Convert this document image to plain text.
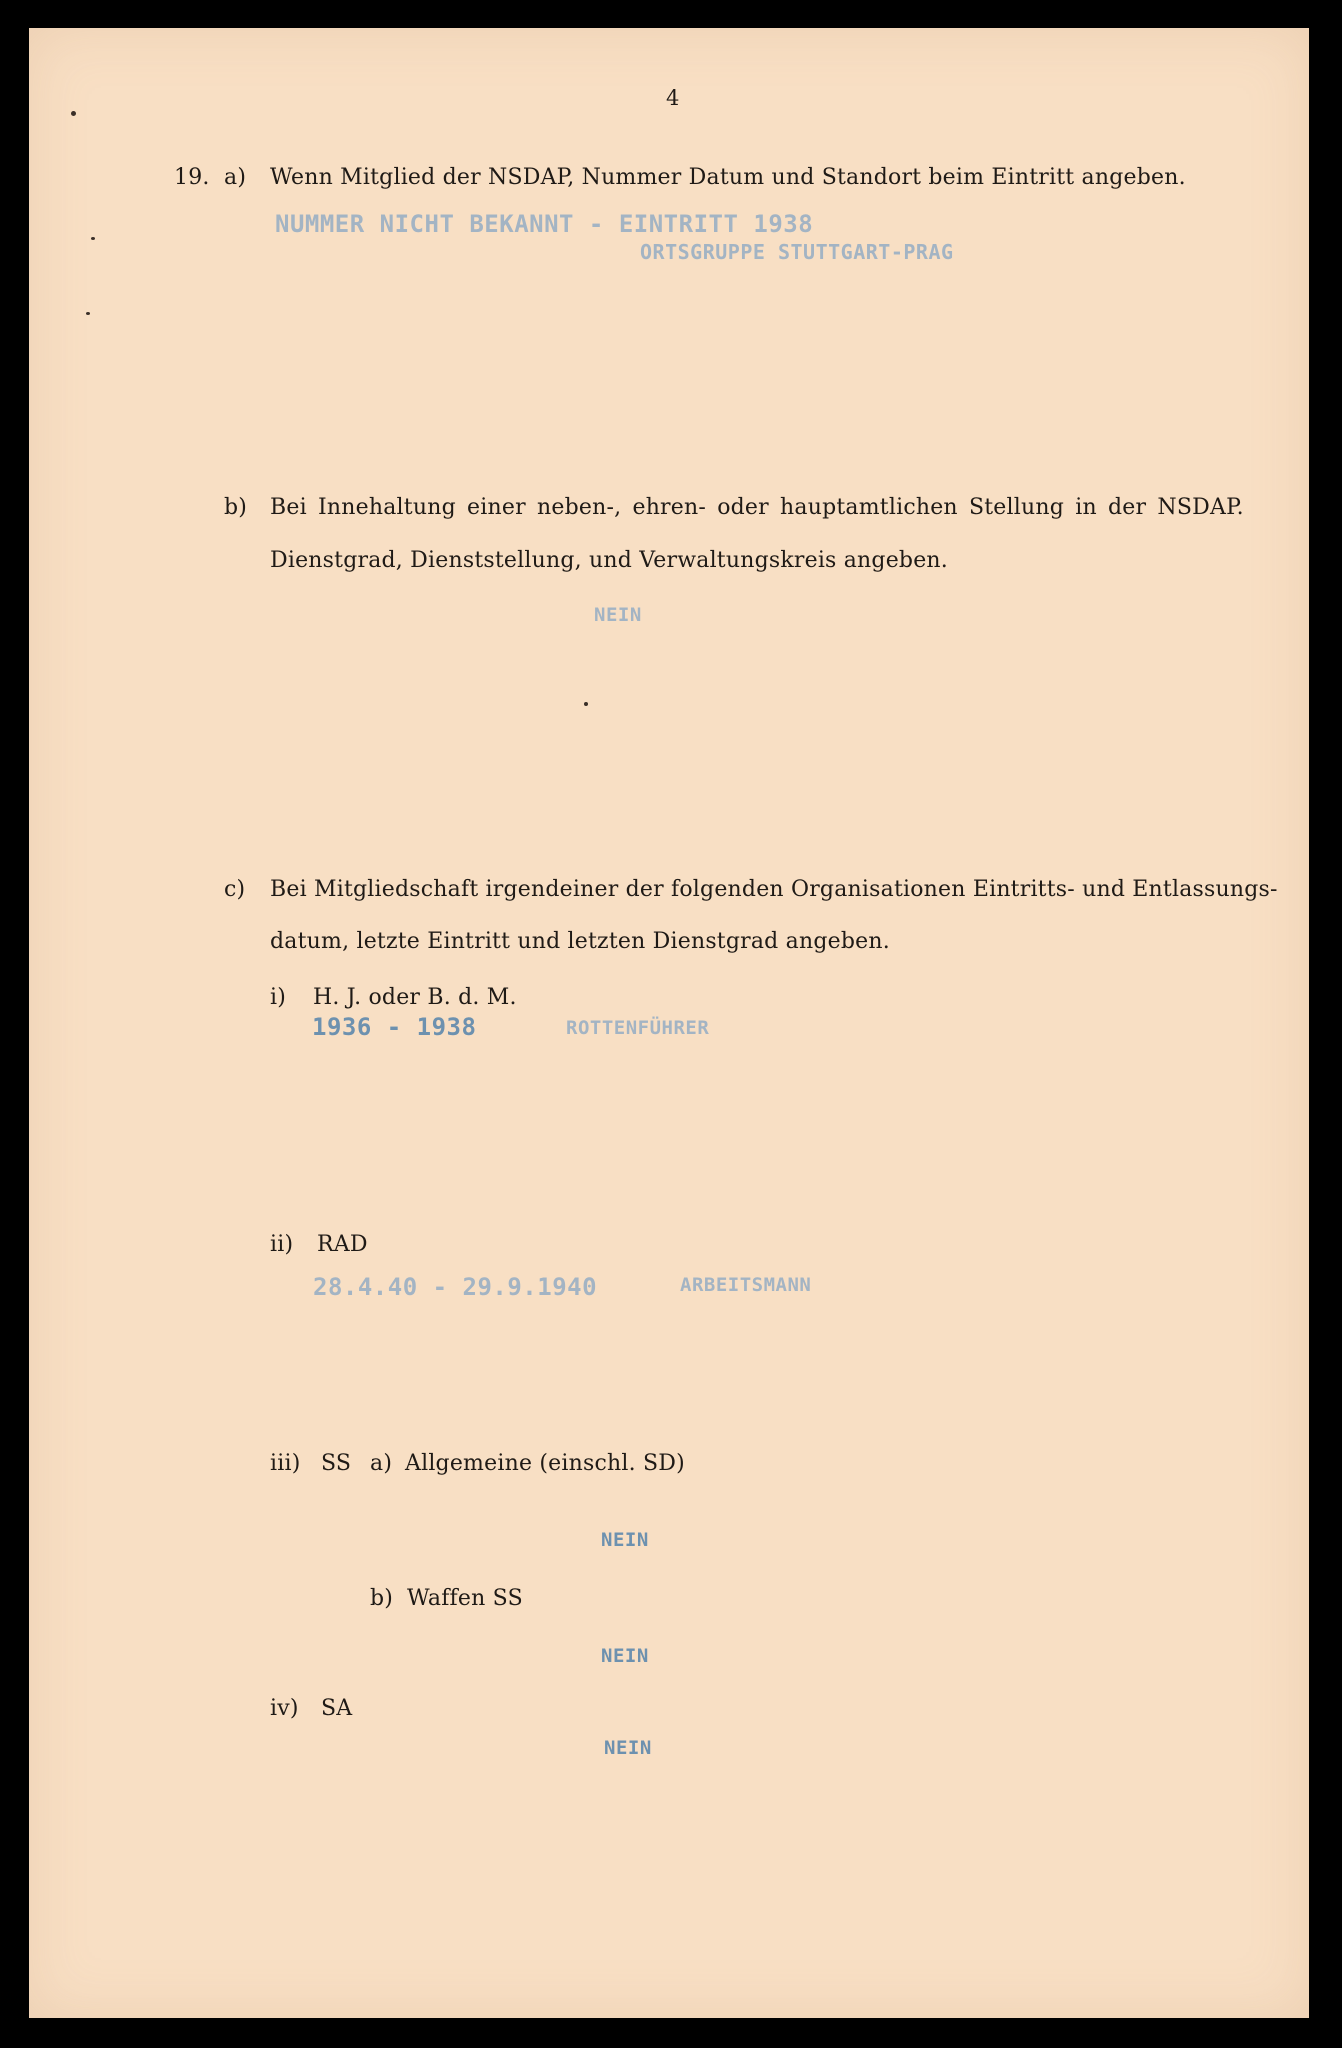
4
19. a) Wenn Mitglied der NSDAP, Nummer Datum und Standort beim Eintritt angeben.
NUMMER NICHT BEKANNT - EINTRITT 1938
ORTSGRUPPE STUTTGART-PRAG
b) Bei Innehaltung einer neben-, ehren- oder hauptamtlichen Stellung in der NSDAP.
Dienstgrad, Dienststellung, und Verwaltungskreis angeben.
NEIN
c) Bei Mitgliedschaft irgendeiner der folgenden Organisationen Eintritts- und Entlassungs-
datum, letzte Eintritt und letzten Dienstgrad angeben.
i) H. J. oder B. d. M.
1936 - 1938	ROTTENFÜHRER
ii) RAD
28.4.40 - 29.9.1940	ARBEITSMANN
iii) SS a) Allgemeine (einschl. SD)
NEIN
b) Waffen SS
NEIN
iv) SA
NEIN
